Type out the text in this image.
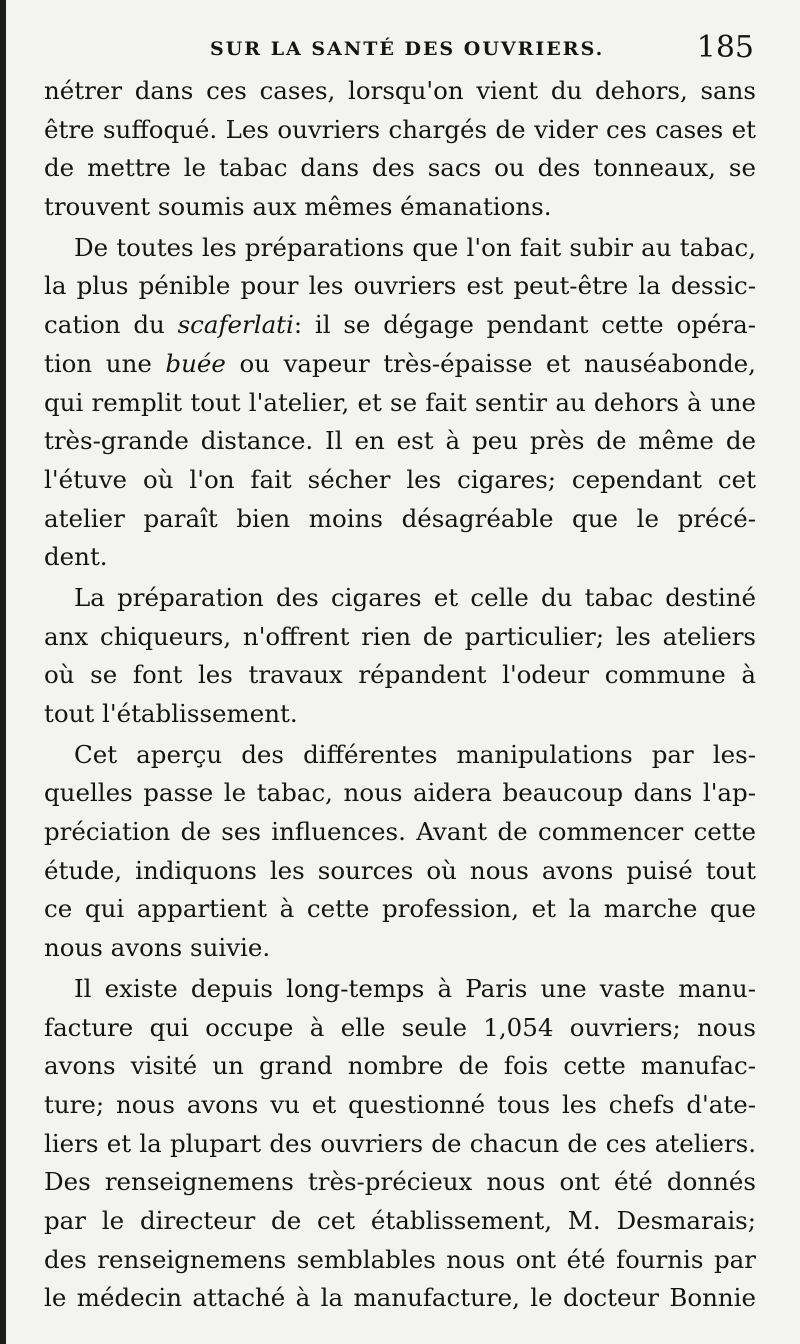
SUR LA SANTÉ DES OUVRIERS.	185
nétrer dans ces cases, lorsqu'on vient du dehors, sans
être suffoqué. Les ouvriers chargés de vider ces cases et
de mettre le tabac dans des sacs ou des tonneaux, se
trouvent soumis aux mêmes émanations.
De toutes les préparations que l'on fait subir au tabac,
la plus pénible pour les ouvriers est peut-être la dessic-
cation du scaferlati: il se dégage pendant cette opéra-
tion une buée ou vapeur très-épaisse et nauséabonde,
qui remplit tout l'atelier, et se fait sentir au dehors à une
très-grande distance. Il en est à peu près de même de
l'étuve où l'on fait sécher les cigares; cependant cet
atelier paraît bien moins désagréable que le précé-
dent.
La préparation des cigares et celle du tabac destiné
anx chiqueurs, n'offrent rien de particulier; les ateliers
où se font les travaux répandent l'odeur commune à
tout l'établissement.
Cet aperçu des différentes manipulations par les-
quelles passe le tabac, nous aidera beaucoup dans l'ap-
préciation de ses influences. Avant de commencer cette
étude, indiquons les sources où nous avons puisé tout
ce qui appartient à cette profession, et la marche que
nous avons suivie.
Il existe depuis long-temps à Paris une vaste manu-
facture qui occupe à elle seule 1,054 ouvriers; nous
avons visité un grand nombre de fois cette manufac-
ture; nous avons vu et questionné tous les chefs d'ate-
liers et la plupart des ouvriers de chacun de ces ateliers.
Des renseignemens très-précieux nous ont été donnés
par le directeur de cet établissement, M. Desmarais;
des renseignemens semblables nous ont été fournis par
le médecin attaché à la manufacture, le docteur Bonnie
